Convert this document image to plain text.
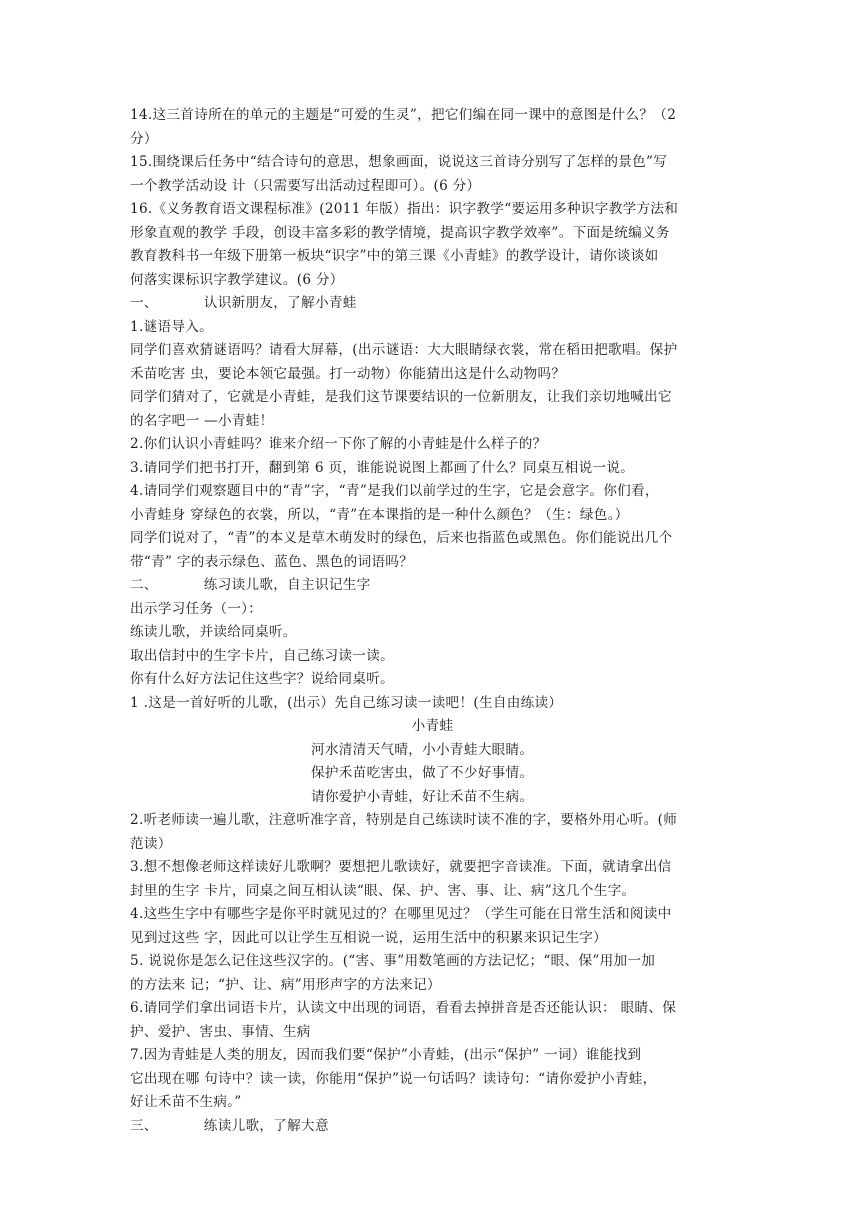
14.这三首诗所在的单元的主题是“可爱的生灵”，把它们编在同一课中的意图是什么？（2
分）
15.围绕课后任务中“结合诗句的意思，想象画面，说说这三首诗分别写了怎样的景色”写
一个教学活动设 计（只需要写出活动过程即可）。(6 分）
16.《义务教育语文课程标准》(2011 年版）指出：识字教学“要运用多种识字教学方法和
形象直观的教学 手段，创设丰富多彩的教学情境，提高识字教学效率”。下面是统编义务
教育教科书一年级下册第一板块“识字”中的第三课《小青蛙》的教学设计，请你谈谈如
何落实课标识字教学建议。(6 分）
一、	认识新朋友，了解小青蛙
1.谜语导入。
同学们喜欢猜谜语吗？请看大屏幕，(出示谜语：大大眼睛绿衣裳，常在稻田把歌唱。保护
禾苗吃害 虫，要论本领它最强。打一动物）你能猜出这是什么动物吗？
同学们猜对了，它就是小青蛙，是我们这节课要结识的一位新朋友，让我们亲切地喊出它
的名字吧一 —小青蛙！
2.你们认识小青蛙吗？谁来介绍一下你了解的小青蛙是什么样子的？
3.请同学们把书打开，翻到第 6 页，谁能说说图上都画了什么？同桌互相说一说。
4.请同学们观察题目中的“青”字，“青”是我们以前学过的生字，它是会意字。你们看，
小青蛙身 穿绿色的衣裳，所以，“青”在本课指的是一种什么颜色？（生：绿色。）
同学们说对了，“青”的本义是草木萌发时的绿色，后来也指蓝色或黑色。你们能说出几个
带“青” 字的表示绿色、蓝色、黑色的词语吗？
二、	练习读儿歌，自主识记生字
出示学习任务（一）：
练读儿歌，并读给同桌听。
取出信封中的生字卡片，自己练习读一读。
你有什么好方法记住这些字？说给同桌听。
1 .这是一首好听的儿歌，(出示）先自己练习读一读吧！(生自由练读）
小青蛙
河水清清天气晴，小小青蛙大眼睛。
保护禾苗吃害虫，做了不少好事情。
请你爱护小青蛙，好让禾苗不生病。
2.听老师读一遍儿歌，注意听准字音，特别是自己练读时读不准的字，要格外用心听。(师
范读）
3.想不想像老师这样读好儿歌啊？要想把儿歌读好，就要把字音读准。下面，就请拿出信
封里的生字 卡片，同桌之间互相认读“眼、保、护、害、事、让、病”这几个生字。
4.这些生字中有哪些字是你平时就见过的？在哪里见过？（学生可能在日常生活和阅读中
见到过这些 字，因此可以让学生互相说一说，运用生活中的积累来识记生字）
5. 说说你是怎么记住这些汉字的。(“害、事”用数笔画的方法记忆；“眼、保”用加一加
的方法来 记；“护、让、病”用形声字的方法来记）
6.请同学们拿出词语卡片，认读文中出现的词语，看看去掉拼音是否还能认识： 眼睛、保
护、爱护、害虫、事情、生病
7.因为青蛙是人类的朋友，因而我们要“保护”小青蛙，(出示“保护” 一词）谁能找到
它出现在哪 句诗中？读一读，你能用“保护”说一句话吗？读诗句：“请你爱护小青蛙，
好让禾苗不生病。”
三、	练读儿歌，了解大意
